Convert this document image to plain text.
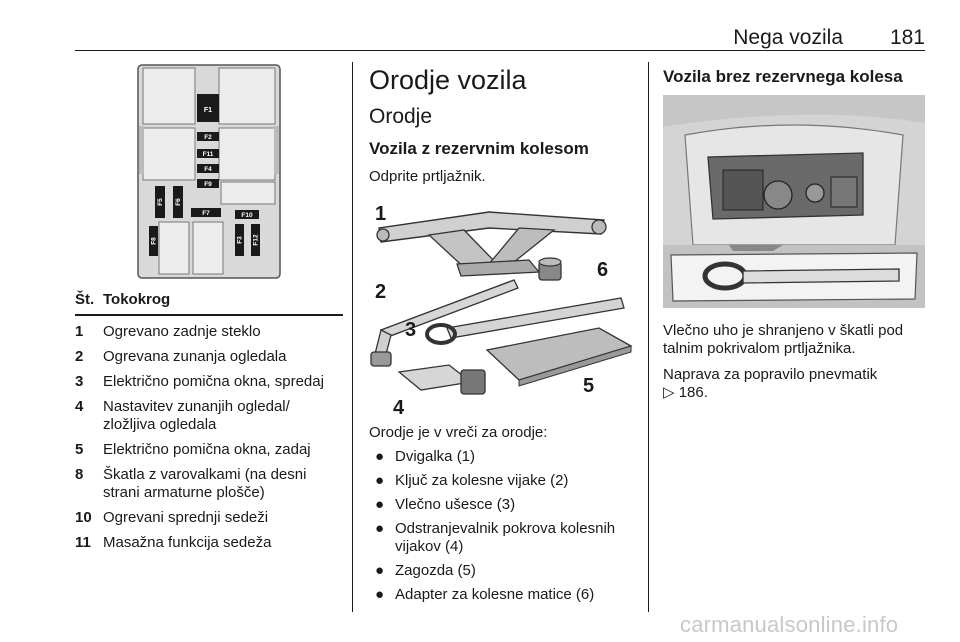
Nega vozila 181
F1
F2
F11
F4
F9
F5 F6
F7	F10
F8	F3 F12
Št. Tokokrog
1	Ogrevano zadnje steklo
2	Ogrevana zunanja ogledala
3	Električno pomična okna, spredaj
4	Nastavitev zunanjih ogledal/ zložljiva ogledala
5	Električno pomična okna, zadaj
8	Škatla z varovalkami (na desni strani armaturne plošče)
10 Ogrevani sprednji sedeži
11 Masažna funkcija sedeža
Orodje vozila
Orodje
Vozila z rezervnim kolesom
Odprite prtljažnik.
1
2
3
4
5
6
Orodje je v vreči za orodje:
● Dvigalka (1)
● Ključ za kolesne vijake (2)
● Vlečno ušesce (3)
● Odstranjevalnik pokrova kolesnih vijakov (4)
● Zagozda (5)
● Adapter za kolesne matice (6)
Vozila brez rezervnega kolesa
Vlečno uho je shranjeno v škatli pod talnim pokrivalom prtljažnika.
Naprava za popravilo pnevmatik
▷ 186.
carmanualsonline.info
